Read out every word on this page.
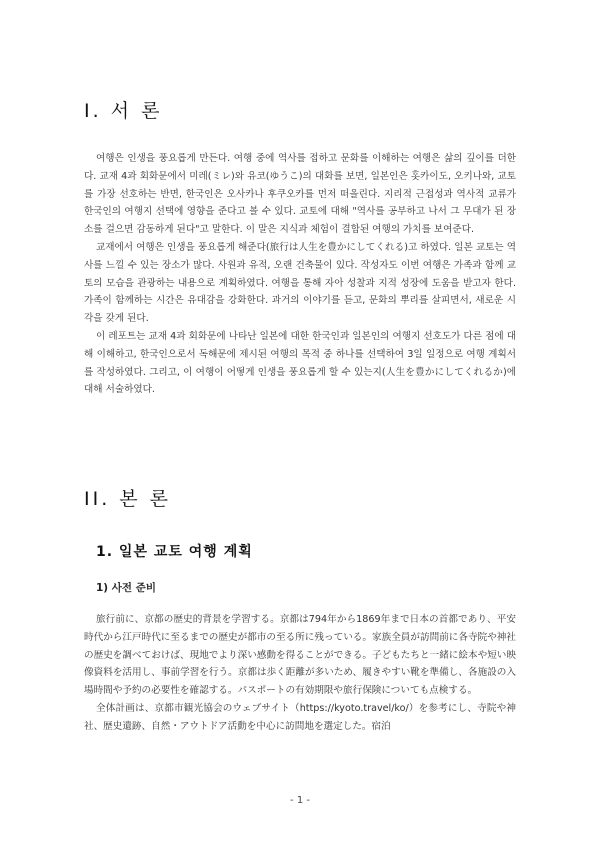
I. 서 론

여행은 인생을 풍요롭게 만든다. 여행 중에 역사를 접하고 문화를 이해하는 여행은 삶의 깊이를 더한다. 교재 4과 회화문에서 미레(ミレ)와 유코(ゆうこ)의 대화를 보면, 일본인은 홋카이도, 오키나와, 교토를 가장 선호하는 반면, 한국인은 오사카나 후쿠오카를 먼저 떠올린다. 지리적 근접성과 역사적 교류가 한국인의 여행지 선택에 영향을 준다고 볼 수 있다. 교토에 대해 "역사를 공부하고 나서 그 무대가 된 장소를 걸으면 감동하게 된다"고 말한다. 이 말은 지식과 체험이 결합된 여행의 가치를 보여준다.

교재에서 여행은 인생을 풍요롭게 해준다(旅行は人生を豊かにしてくれる)고 하였다. 일본 교토는 역사를 느낄 수 있는 장소가 많다. 사원과 유적, 오랜 건축물이 있다. 작성자도 이번 여행은 가족과 함께 교토의 모습을 관광하는 내용으로 계획하였다. 여행을 통해 자아 성찰과 지적 성장에 도움을 받고자 한다. 가족이 함께하는 시간은 유대감을 강화한다. 과거의 이야기를 듣고, 문화의 뿌리를 살피면서, 새로운 시각을 갖게 된다.

이 레포트는 교재 4과 회화문에 나타난 일본에 대한 한국인과 일본인의 여행지 선호도가 다른 점에 대해 이해하고, 한국인으로서 독해문에 제시된 여행의 목적 중 하나를 선택하여 3일 일정으로 여행 계획서를 작성하였다. 그리고, 이 여행이 어떻게 인생을 풍요롭게 할 수 있는지(人生を豊かにしてくれるか)에 대해 서술하였다.

II. 본 론
1. 일본 교토 여행 계획
1) 사전 준비

旅行前に、京都の歴史的背景を学習する。京都は794年から1869年まで日本の首都であり、平安時代から江戸時代に至るまでの歴史が都市の至る所に残っている。家族全員が訪問前に各寺院や神社の歴史を調べておけば、現地でより深い感動を得ることができる。子どもたちと一緒に絵本や短い映像資料を活用し、事前学習を行う。京都は歩く距離が多いため、履きやすい靴を準備し、各施設の入場時間や予約の必要性を確認する。パスポートの有効期限や旅行保険についても点検する。

全体計画は、京都市観光協会のウェブサイト（https://kyoto.travel/ko/）を参考にし、寺院や神社、歴史遺跡、自然・アウトドア活動を中心に訪問地を選定した。宿泊

- 1 -
